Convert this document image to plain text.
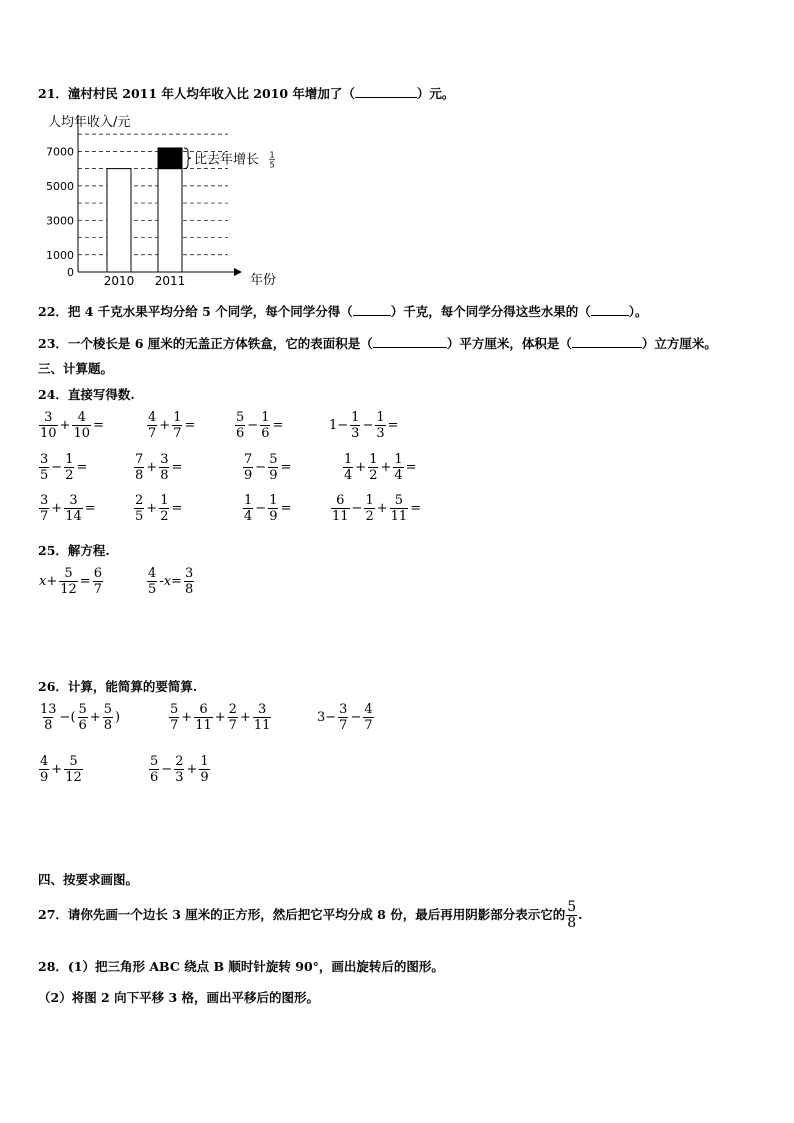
21．潼村村民 2011 年人均年收入比 2010 年增加了（	）元。
人均年收入/元
0
1000
3000
5000
7000
2010 2011	年份
比去年增长 1
5
22．把 4 千克水果平均分给 5 个同学，每个同学分得（	）千克，每个同学分得这些水果的（	）。
23．一个棱长是 6 厘米的无盖正方体铁盒，它的表面积是（	）平方厘米，体积是（	）立方厘米。
三、计算题。
24．直接写得数.
$\frac{3}{10} + \frac{4}{10}$ =	$\frac{4}{7} + \frac{1}{7}$ =	$\frac{5}{6} - \frac{1}{6}$ =	$1- \frac{1}{3} - \frac{1}{3}$ =
$\frac{3}{5} - \frac{1}{2}$ =	$\frac{7}{8} + \frac{3}{8}$ =	$\frac{7}{9} - \frac{5}{9}$ =	$\frac{1}{4} + \frac{1}{2} + \frac{1}{4}$ =
$\frac{3}{7} + \frac{3}{14}$ =	$\frac{2}{5} + \frac{1}{2}$ =	$\frac{1}{4} - \frac{1}{9}$ =	$\frac{6}{11} - \frac{1}{2} + \frac{5}{11}$ =
25．解方程.
$x+ \frac{5}{12} = \frac{6}{7}$	$\frac{4}{5} -x= \frac{3}{8}$
26．计算，能简算的要简算.
$\frac{13}{8}$ −( $\frac{5}{6} + \frac{5}{8}$ )	$\frac{5}{7} + \frac{6}{11} + \frac{2}{7} + \frac{3}{11}$	$3- \frac{3}{7} - \frac{4}{7}$
$\frac{4}{9} + \frac{5}{12}$	$\frac{5}{6} - \frac{2}{3} + \frac{1}{9}$
四、按要求画图。
27．请你先画一个边长 3 厘米的正方形，然后把它平均分成 8 份，最后再用阴影部分表示它的 $\frac{5}{8}$ .
28．(1）把三角形 ABC 绕点 B 顺时针旋转 90°，画出旋转后的图形。
（2）将图 2 向下平移 3 格，画出平移后的图形。
